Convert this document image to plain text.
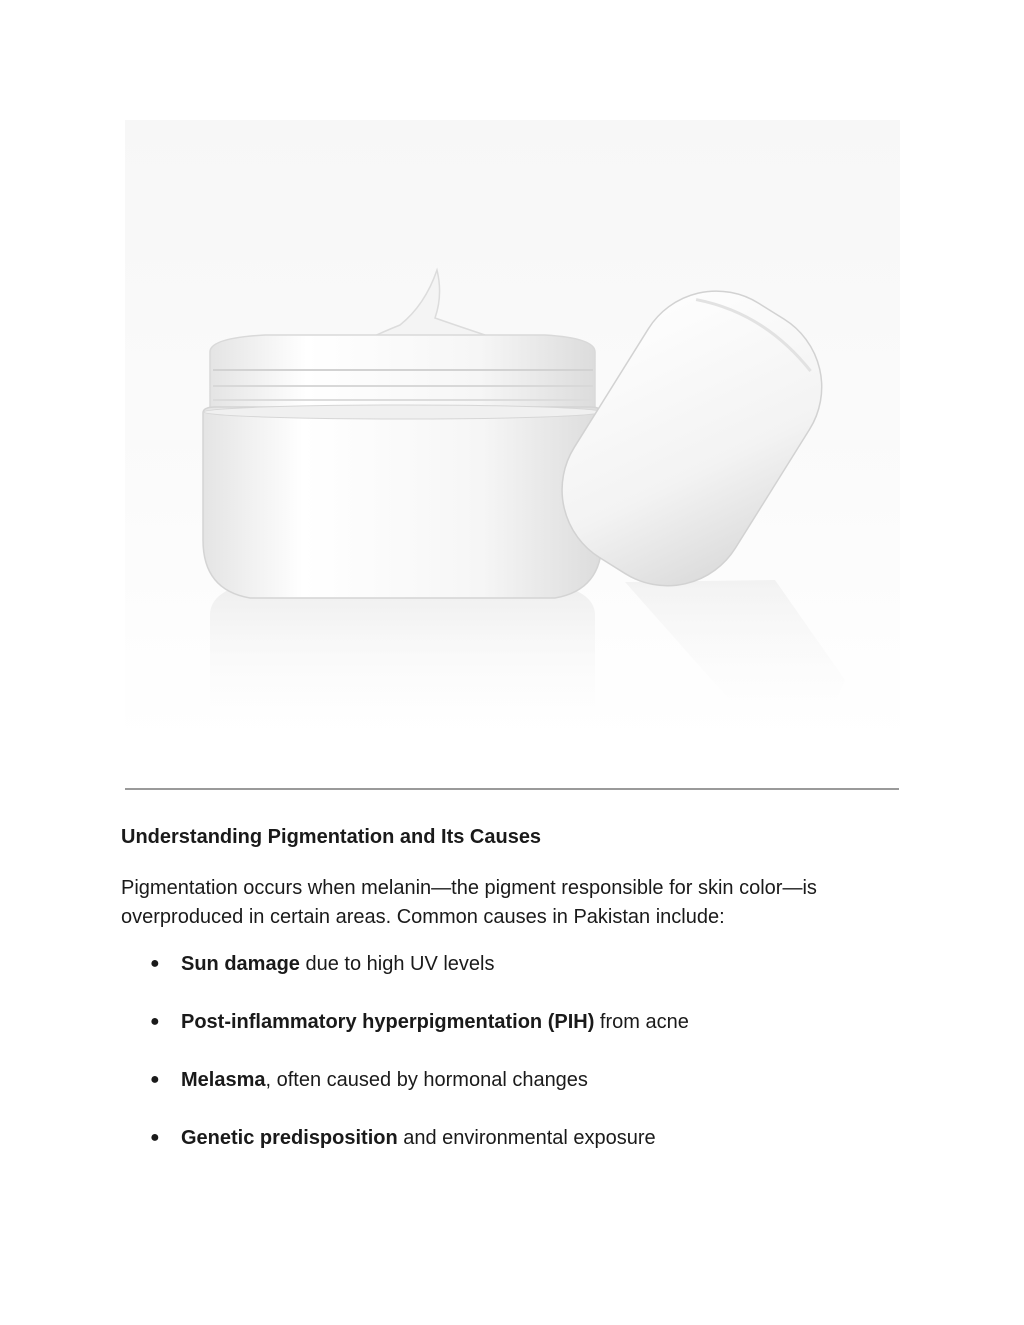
Understanding Pigmentation and Its Causes

Pigmentation occurs when melanin—the pigment responsible for skin color—is overproduced in certain areas. Common causes in Pakistan include:

● Sun damage due to high UV levels
● Post-inflammatory hyperpigmentation (PIH) from acne
● Melasma, often caused by hormonal changes
● Genetic predisposition and environmental exposure
